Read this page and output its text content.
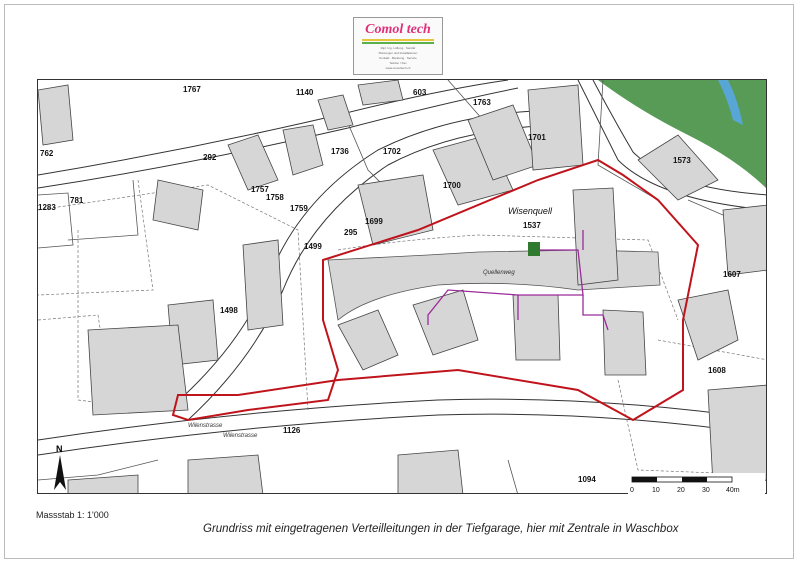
Comol tech
Dipl. Ing. Lüftung · Sanitär
Planungen und Installationen
Kontakt · Beratung · Service
Telefon / Fax
www.comoltech.ch
N
1767	1140	603
1763
1701
292
1736	1702
1757
1758
1759
1700
1573
1283
781
1699
295
1537
1499
1498
1607
1608
762
1126
1094
Wisenquell
Wilenstrasse
Wilenstrasse
Quellenweg
0	10 20 30 40m
Massstab 1: 1'000
Grundriss mit eingetragenen Verteilleitungen in der Tiefgarage, hier mit Zentrale in Waschbox
